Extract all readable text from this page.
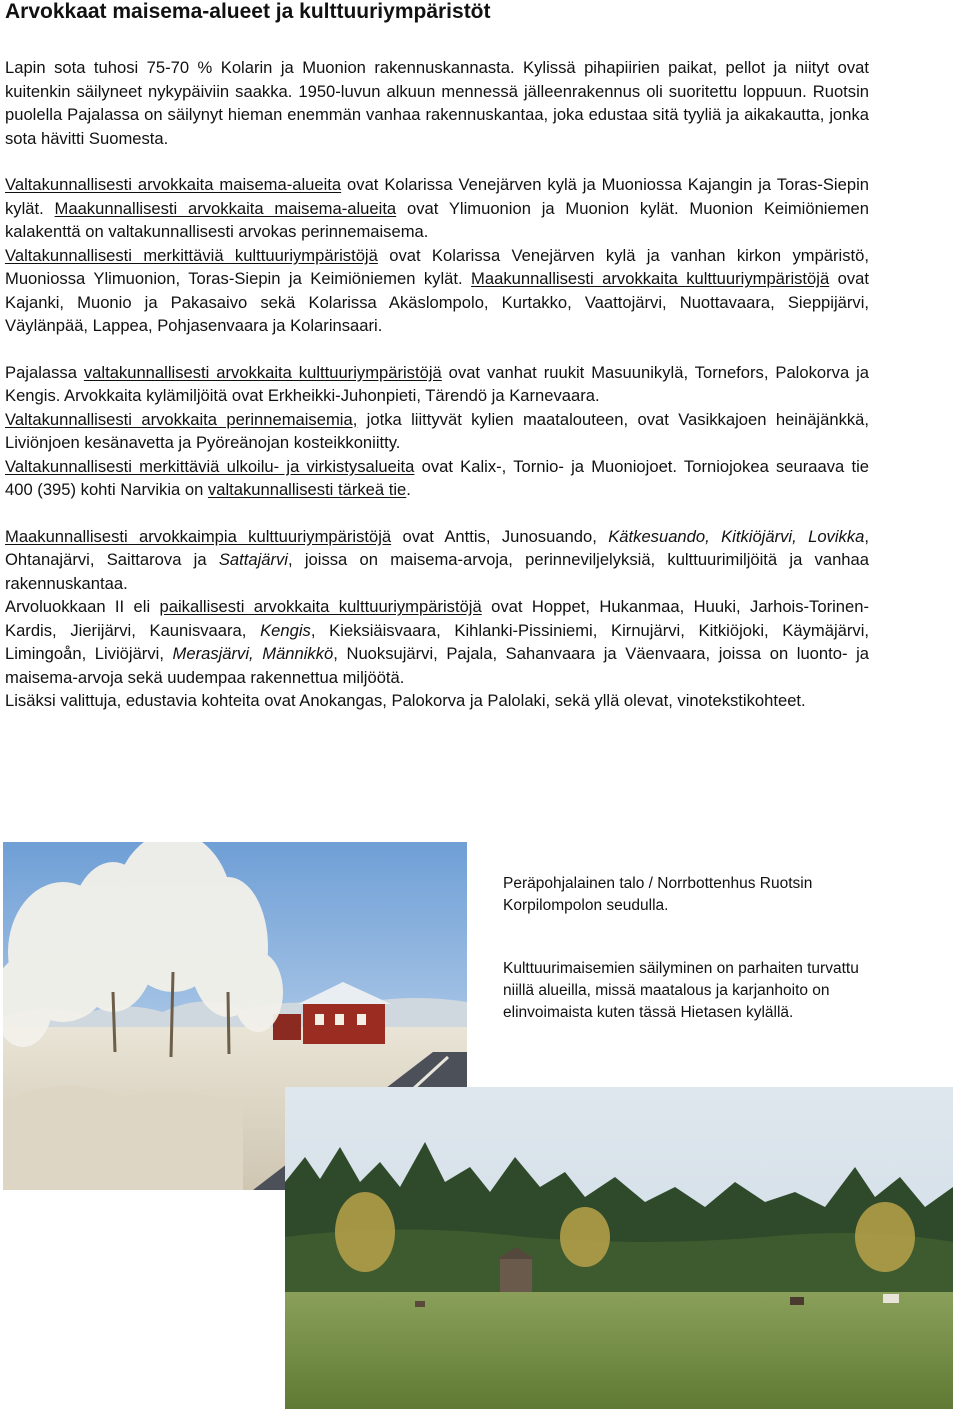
Arvokkaat maisema-alueet ja kulttuuriympäristöt

Lapin sota tuhosi 75-70 % Kolarin ja Muonion rakennuskannasta. Kylissä pihapiirien paikat, pellot ja niityt ovat kuitenkin säilyneet nykypäiviin saakka. 1950-luvun alkuun mennessä jälleenrakennus oli suoritettu loppuun. Ruotsin puolella Pajalassa on säilynyt hieman enemmän vanhaa rakennuskantaa, joka edustaa sitä tyyliä ja aikakautta, jonka sota hävitti Suomesta.

Valtakunnallisesti arvokkaita maisema-alueita ovat Kolarissa Venejärven kylä ja Muoniossa Kajangin ja Toras-Siepin kylät. Maakunnallisesti arvokkaita maisema-alueita ovat Ylimuonion ja Muonion kylät. Muonion Keimiöniemen kalakenttä on valtakunnallisesti arvokas perinnemaisema.

Valtakunnallisesti merkittäviä kulttuuriympäristöjä ovat Kolarissa Venejärven kylä ja vanhan kirkon ympäristö, Muoniossa Ylimuonion, Toras-Siepin ja Keimiöniemen kylät. Maakunnallisesti arvokkaita kulttuuriympäristöjä ovat Kajanki, Muonio ja Pakasaivo sekä Kolarissa Akäslompolo, Kurtakko, Vaattojärvi, Nuottavaara, Sieppijärvi, Väylänpää, Lappea, Pohjasenvaara ja Kolarinsaari.

Pajalassa valtakunnallisesti arvokkaita kulttuuriympäristöjä ovat vanhat ruukit Masuunikylä, Tornefors, Palokorva ja Kengis. Arvokkaita kylämiljöitä ovat Erkheikki-Juhonpieti, Tärendö ja Karnevaara.

Valtakunnallisesti arvokkaita perinnemaisemia, jotka liittyvät kylien maatalouteen, ovat Vasikkajoen heinäjänkkä, Liviönjoen kesänavetta ja Pyöreänojan kosteikkoniitty.

Valtakunnallisesti merkittäviä ulkoilu- ja virkistysalueita ovat Kalix-, Tornio- ja Muoniojoet. Torniojokea seuraava tie 400 (395) kohti Narvikia on valtakunnallisesti tärkeä tie.

Maakunnallisesti arvokkaimpia kulttuuriympäristöjä ovat Anttis, Junosuando, Kätkesuando, Kitkiöjärvi, Lovikka, Ohtanajärvi, Saittarova ja Sattajärvi, joissa on maisema-arvoja, perinneviljelyksiä, kulttuurimiljöitä ja vanhaa rakennuskantaa.

Arvoluokkaan II eli paikallisesti arvokkaita kulttuuriympäristöjä ovat Hoppet, Hukanmaa, Huuki, Jarhois-Torinen-Kardis, Jierijärvi, Kaunisvaara, Kengis, Kieksiäisvaara, Kihlanki-Pissiniemi, Kirnujärvi, Kitkiöjoki, Käymäjärvi, Limingoån, Liviöjärvi, Merasjärvi, Männikkö, Nuoksujärvi, Pajala, Sahanvaara ja Väenvaara, joissa on luonto- ja maisema-arvoja sekä uudempaa rakennettua miljöötä.

Lisäksi valittuja, edustavia kohteita ovat Anokangas, Palokorva ja Palolaki, sekä yllä olevat, vinotekstikohteet.

Peräpohjalainen talo / Norrbottenhus Ruotsin Korpilompolon seudulla.
Kulttuurimaisemien säilyminen on parhaiten turvattu niillä alueilla, missä maatalous ja karjanhoito on elinvoimaista kuten tässä Hietasen kylällä.
